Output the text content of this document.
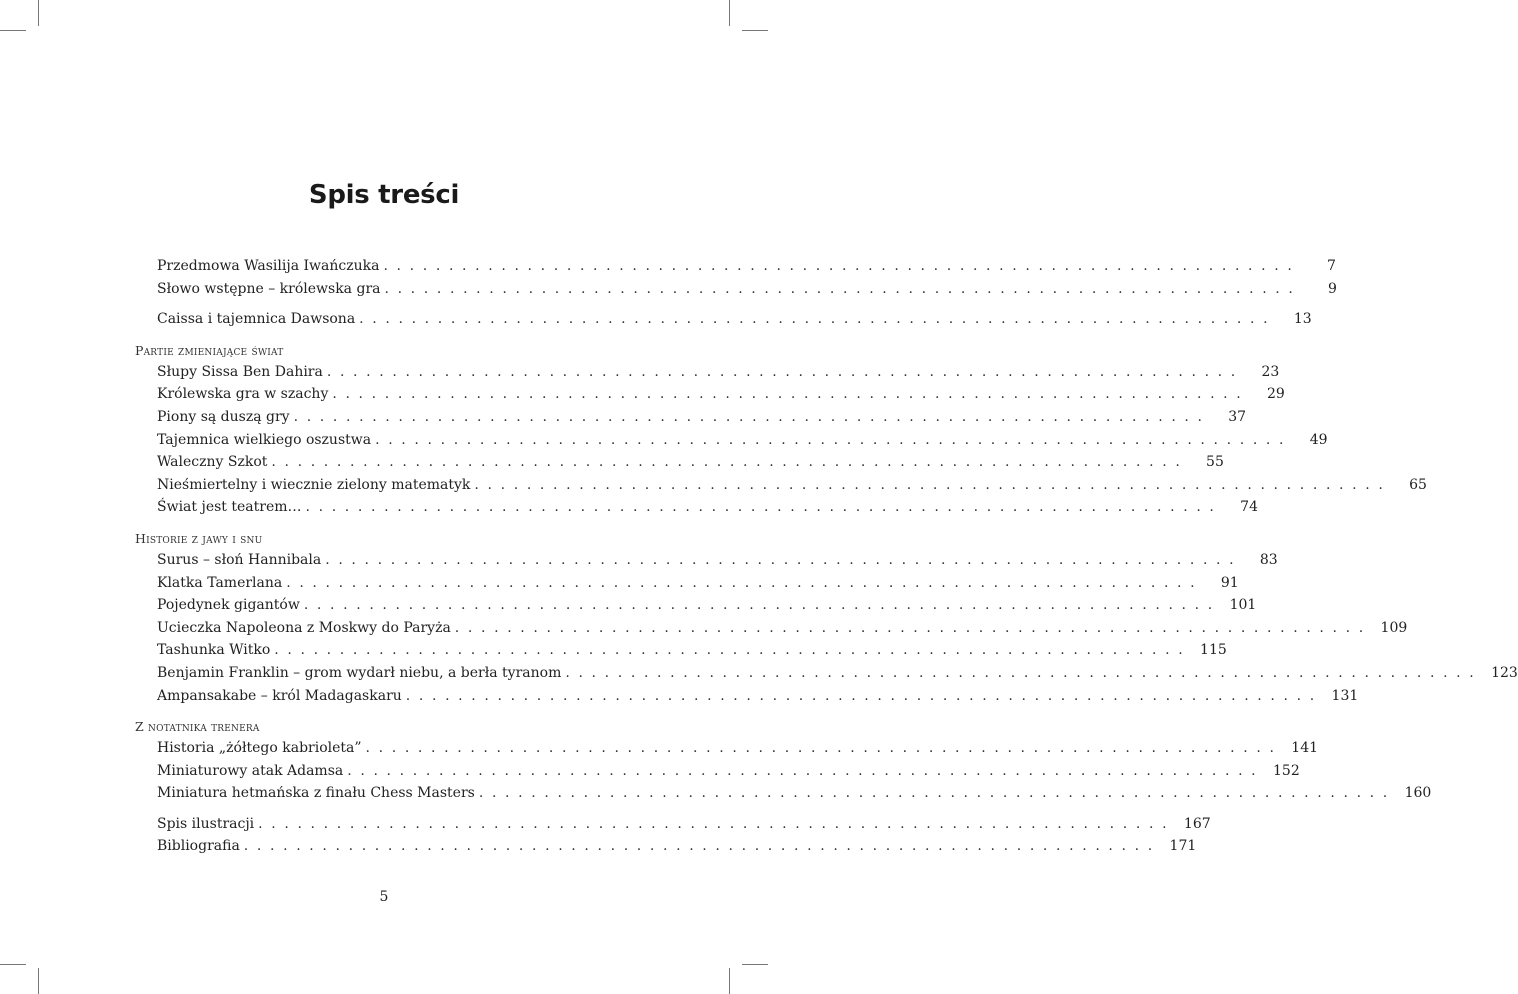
Spis treści
Przedmowa Wasilija Iwańczuka . . . . . . . . . . . . . . . . . . . . . . . . . . . . . . . . . . . . . . . . . . . . . . . . . . . . . . . . . . . . . . . . . . . . . .	7
Słowo wstępne – królewska gra . . . . . . . . . . . . . . . . . . . . . . . . . . . . . . . . . . . . . . . . . . . . . . . . . . . . . . . . . . . . . . . . . . . . . .	9
Caissa i tajemnica Dawsona . . . . . . . . . . . . . . . . . . . . . . . . . . . . . . . . . . . . . . . . . . . . . . . . . . . . . . . . . . . . . . . . . . . . . .	13
Partie zmieniające świat
Słupy Sissa Ben Dahira . . . . . . . . . . . . . . . . . . . . . . . . . . . . . . . . . . . . . . . . . . . . . . . . . . . . . . . . . . . . . . . . . . . . . .	23
Królewska gra w szachy . . . . . . . . . . . . . . . . . . . . . . . . . . . . . . . . . . . . . . . . . . . . . . . . . . . . . . . . . . . . . . . . . . . . . .	29
Piony są duszą gry . . . . . . . . . . . . . . . . . . . . . . . . . . . . . . . . . . . . . . . . . . . . . . . . . . . . . . . . . . . . . . . . . . . . . .	37
Tajemnica wielkiego oszustwa . . . . . . . . . . . . . . . . . . . . . . . . . . . . . . . . . . . . . . . . . . . . . . . . . . . . . . . . . . . . . . . . . . . . . .	49
Waleczny Szkot . . . . . . . . . . . . . . . . . . . . . . . . . . . . . . . . . . . . . . . . . . . . . . . . . . . . . . . . . . . . . . . . . . . . . .	55
Nieśmiertelny i wiecznie zielony matematyk . . . . . . . . . . . . . . . . . . . . . . . . . . . . . . . . . . . . . . . . . . . . . . . . . . . . . . . . . . . . . . . . . . . . . .	65
Świat jest teatrem… . . . . . . . . . . . . . . . . . . . . . . . . . . . . . . . . . . . . . . . . . . . . . . . . . . . . . . . . . . . . . . . . . . . . . .	74
Historie z jawy i snu
Surus – słoń Hannibala . . . . . . . . . . . . . . . . . . . . . . . . . . . . . . . . . . . . . . . . . . . . . . . . . . . . . . . . . . . . . . . . . . . . . .	83
Klatka Tamerlana . . . . . . . . . . . . . . . . . . . . . . . . . . . . . . . . . . . . . . . . . . . . . . . . . . . . . . . . . . . . . . . . . . . . . .	91
Pojedynek gigantów . . . . . . . . . . . . . . . . . . . . . . . . . . . . . . . . . . . . . . . . . . . . . . . . . . . . . . . . . . . . . . . . . . . . . .	101
Ucieczka Napoleona z Moskwy do Paryża . . . . . . . . . . . . . . . . . . . . . . . . . . . . . . . . . . . . . . . . . . . . . . . . . . . . . . . . . . . . . . . . . . . . . .	109
Tashunka Witko . . . . . . . . . . . . . . . . . . . . . . . . . . . . . . . . . . . . . . . . . . . . . . . . . . . . . . . . . . . . . . . . . . . . . .	115
Benjamin Franklin – grom wydarł niebu, a berła tyranom . . . . . . . . . . . . . . . . . . . . . . . . . . . . . . . . . . . . . . . . . . . . . . . . . . . . . . . . . . . . . . . . . . . . . .	123
Ampansakabe – król Madagaskaru . . . . . . . . . . . . . . . . . . . . . . . . . . . . . . . . . . . . . . . . . . . . . . . . . . . . . . . . . . . . . . . . . . . . . .	131
Z notatnika trenera
Historia „żółtego kabrioleta” . . . . . . . . . . . . . . . . . . . . . . . . . . . . . . . . . . . . . . . . . . . . . . . . . . . . . . . . . . . . . . . . . . . . . .	141
Miniaturowy atak Adamsa . . . . . . . . . . . . . . . . . . . . . . . . . . . . . . . . . . . . . . . . . . . . . . . . . . . . . . . . . . . . . . . . . . . . . .	152
Miniatura hetmańska z finału Chess Masters . . . . . . . . . . . . . . . . . . . . . . . . . . . . . . . . . . . . . . . . . . . . . . . . . . . . . . . . . . . . . . . . . . . . . .	160
Spis ilustracji . . . . . . . . . . . . . . . . . . . . . . . . . . . . . . . . . . . . . . . . . . . . . . . . . . . . . . . . . . . . . . . . . . . . . .	167
Bibliografia . . . . . . . . . . . . . . . . . . . . . . . . . . . . . . . . . . . . . . . . . . . . . . . . . . . . . . . . . . . . . . . . . . . . . .	171
5
